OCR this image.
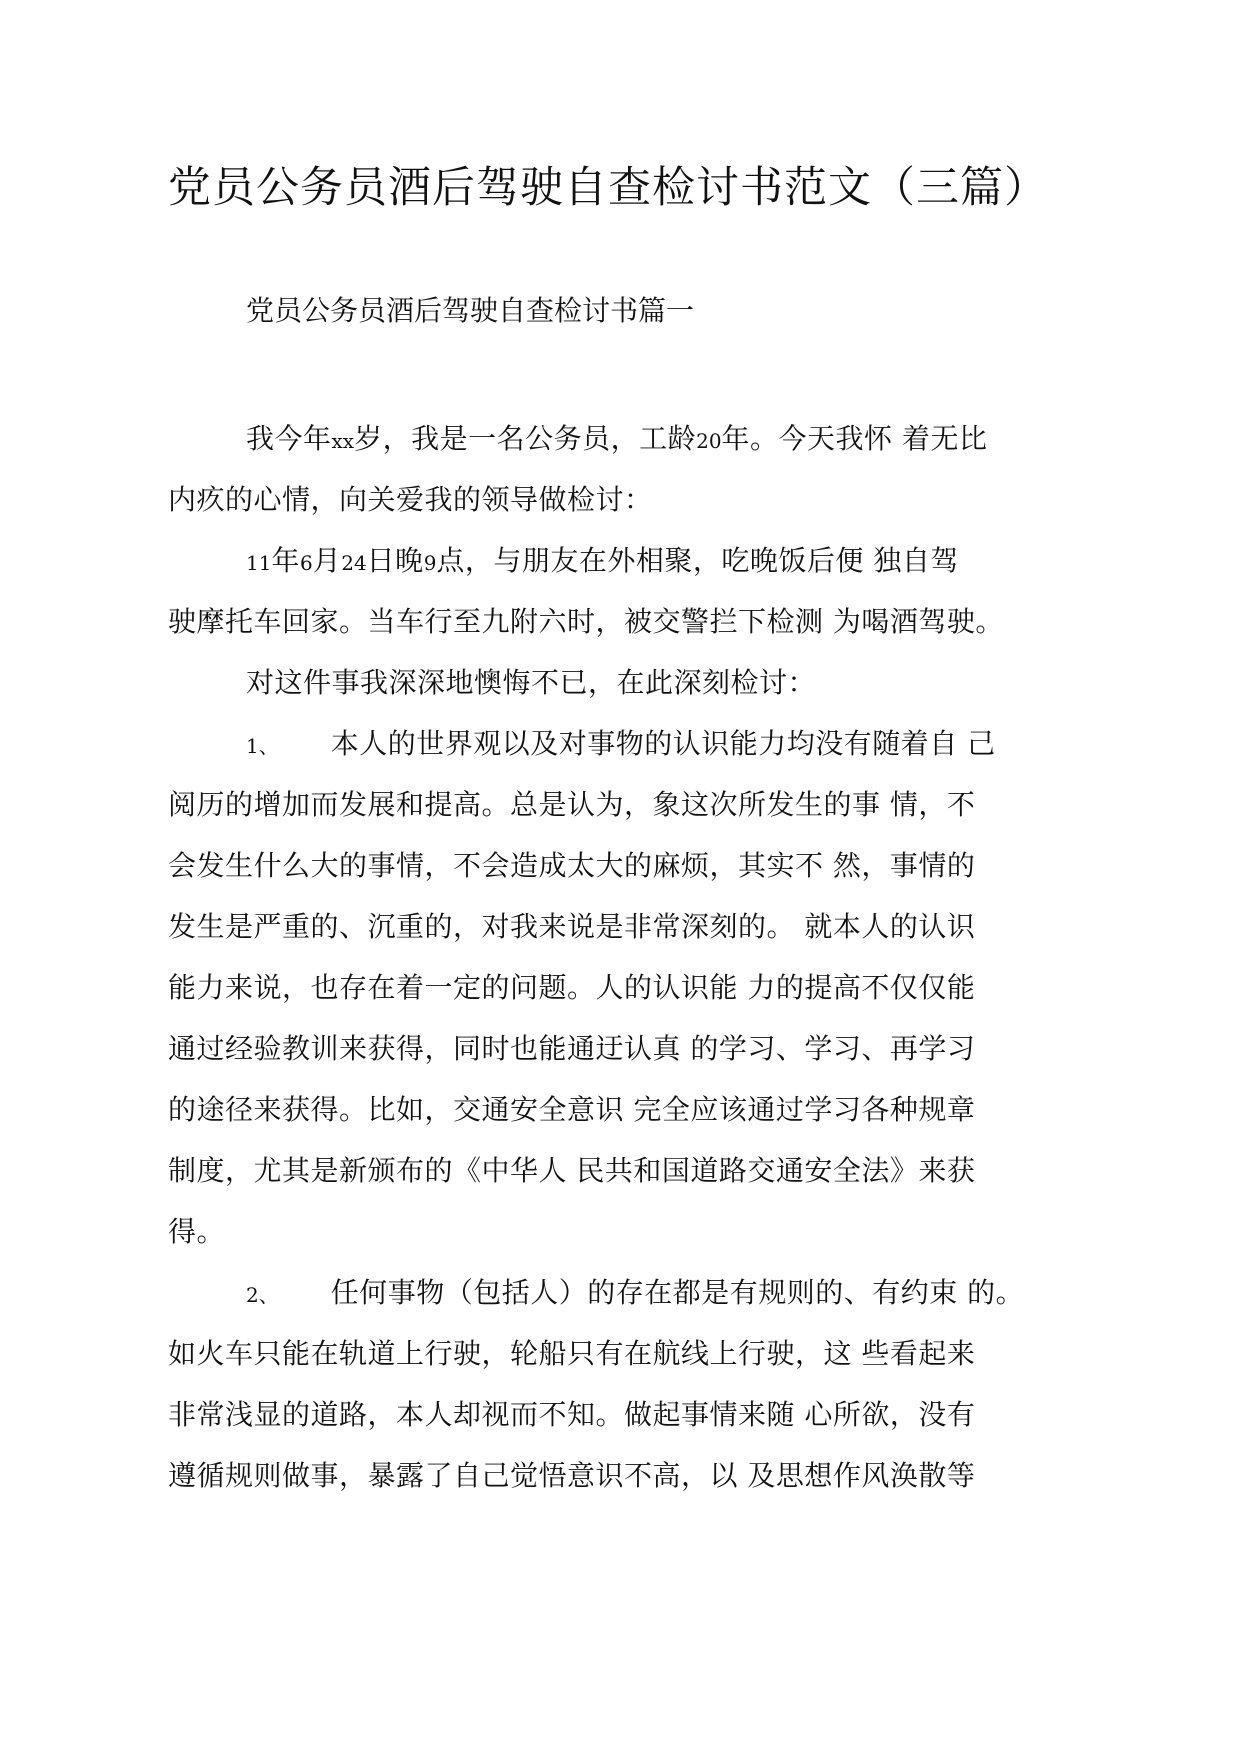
党员公务员酒后驾驶自查检讨书范文（三篇）
党员公务员酒后驾驶自查检讨书篇一
我今年xx岁，我是一名公务员，工龄20年。今天我怀 着无比
内疚的心情，向关爱我的领导做检讨：
11年6月24日晚9点，与朋友在外相聚，吃晚饭后便 独自驾
驶摩托车回家。当车行至九附六时，被交警拦下检测 为喝酒驾驶。
对这件事我深深地懊悔不已，在此深刻检讨：
1、 本人的世界观以及对事物的认识能力均没有随着自 己
阅历的增加而发展和提高。总是认为，象这次所发生的事 情，不
会发生什么大的事情，不会造成太大的麻烦，其实不 然，事情的
发生是严重的、沉重的，对我来说是非常深刻的。 就本人的认识
能力来说，也存在着一定的问题。人的认识能 力的提高不仅仅能
通过经验教训来获得，同时也能通迂认真 的学习、学习、再学习
的途径来获得。比如，交通安全意识 完全应该通过学习各种规章
制度，尤其是新颁布的《中华人 民共和国道路交通安全法》来获
得。
2、 任何事物（包括人）的存在都是有规则的、有约束 的。
如火车只能在轨道上行驶，轮船只有在航线上行驶，这 些看起来
非常浅显的道路，本人却视而不知。做起事情来随 心所欲，没有
遵循规则做事，暴露了自己觉悟意识不高，以 及思想作风涣散等
